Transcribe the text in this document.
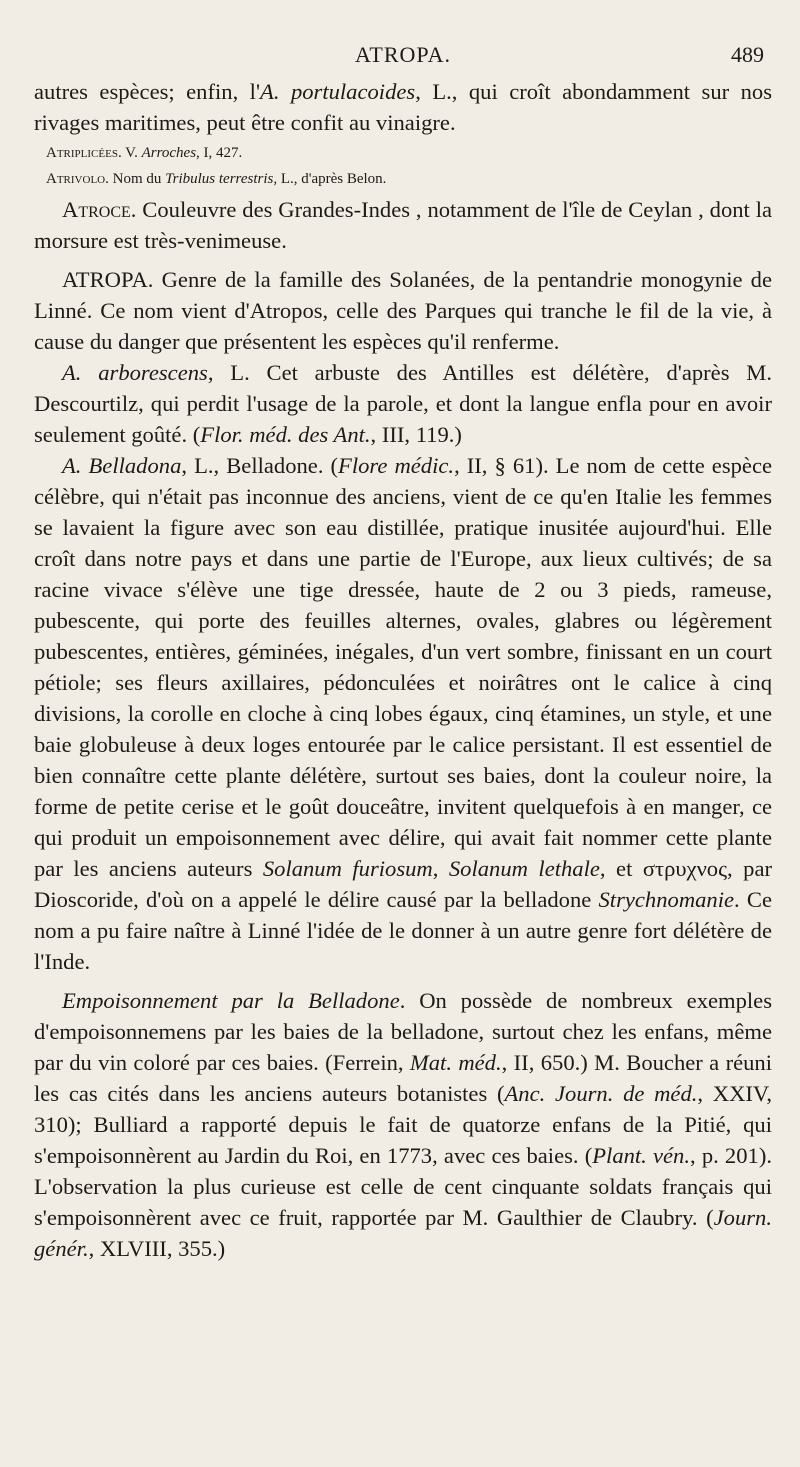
ATROPA.	489

autres espèces; enfin, l'A. portulacoides, L., qui croît abondamment sur nos rivages maritimes, peut être confit au vinaigre.

Atriplicées. V. Arroches, I, 427.

Atrivolo. Nom du Tribulus terrestris, L., d'après Belon.

Atroce. Couleuvre des Grandes-Indes , notamment de l'île de Ceylan , dont la morsure est très-venimeuse.

ATROPA. Genre de la famille des Solanées, de la pentandrie monogynie de Linné. Ce nom vient d'Atropos, celle des Parques qui tranche le fil de la vie, à cause du danger que présentent les espèces qu'il renferme.

A. arborescens, L. Cet arbuste des Antilles est délétère, d'après M. Descourtilz, qui perdit l'usage de la parole, et dont la langue enfla pour en avoir seulement goûté. (Flor. méd. des Ant., III, 119.)

A. Belladona, L., Belladone. (Flore médic., II, § 61). Le nom de cette espèce célèbre, qui n'était pas inconnue des anciens, vient de ce qu'en Italie les femmes se lavaient la figure avec son eau distillée, pratique inusitée aujourd'hui. Elle croît dans notre pays et dans une partie de l'Europe, aux lieux cultivés; de sa racine vivace s'élève une tige dressée, haute de 2 ou 3 pieds, rameuse, pubescente, qui porte des feuilles alternes, ovales, glabres ou légèrement pubescentes, entières, géminées, inégales, d'un vert sombre, finissant en un court pétiole; ses fleurs axillaires, pédonculées et noirâtres ont le calice à cinq divisions, la corolle en cloche à cinq lobes égaux, cinq étamines, un style, et une baie globuleuse à deux loges entourée par le calice persistant. Il est essentiel de bien connaître cette plante délétère, surtout ses baies, dont la couleur noire, la forme de petite cerise et le goût douceâtre, invitent quelquefois à en manger, ce qui produit un empoisonnement avec délire, qui avait fait nommer cette plante par les anciens auteurs Solanum furiosum, Solanum lethale, et στρυχνος, par Dioscoride, d'où on a appelé le délire causé par la belladone Strychnomanie. Ce nom a pu faire naître à Linné l'idée de le donner à un autre genre fort délétère de l'Inde.

Empoisonnement par la Belladone. On possède de nombreux exemples d'empoisonnemens par les baies de la belladone, surtout chez les enfans, même par du vin coloré par ces baies. (Ferrein, Mat. méd., II, 650.) M. Boucher a réuni les cas cités dans les anciens auteurs botanistes (Anc. Journ. de méd., XXIV, 310); Bulliard a rapporté depuis le fait de quatorze enfans de la Pitié, qui s'empoisonnèrent au Jardin du Roi, en 1773, avec ces baies. (Plant. vén., p. 201). L'observation la plus curieuse est celle de cent cinquante soldats français qui s'empoisonnèrent avec ce fruit, rapportée par M. Gaulthier de Claubry. (Journ. génér., XLVIII, 355.)
